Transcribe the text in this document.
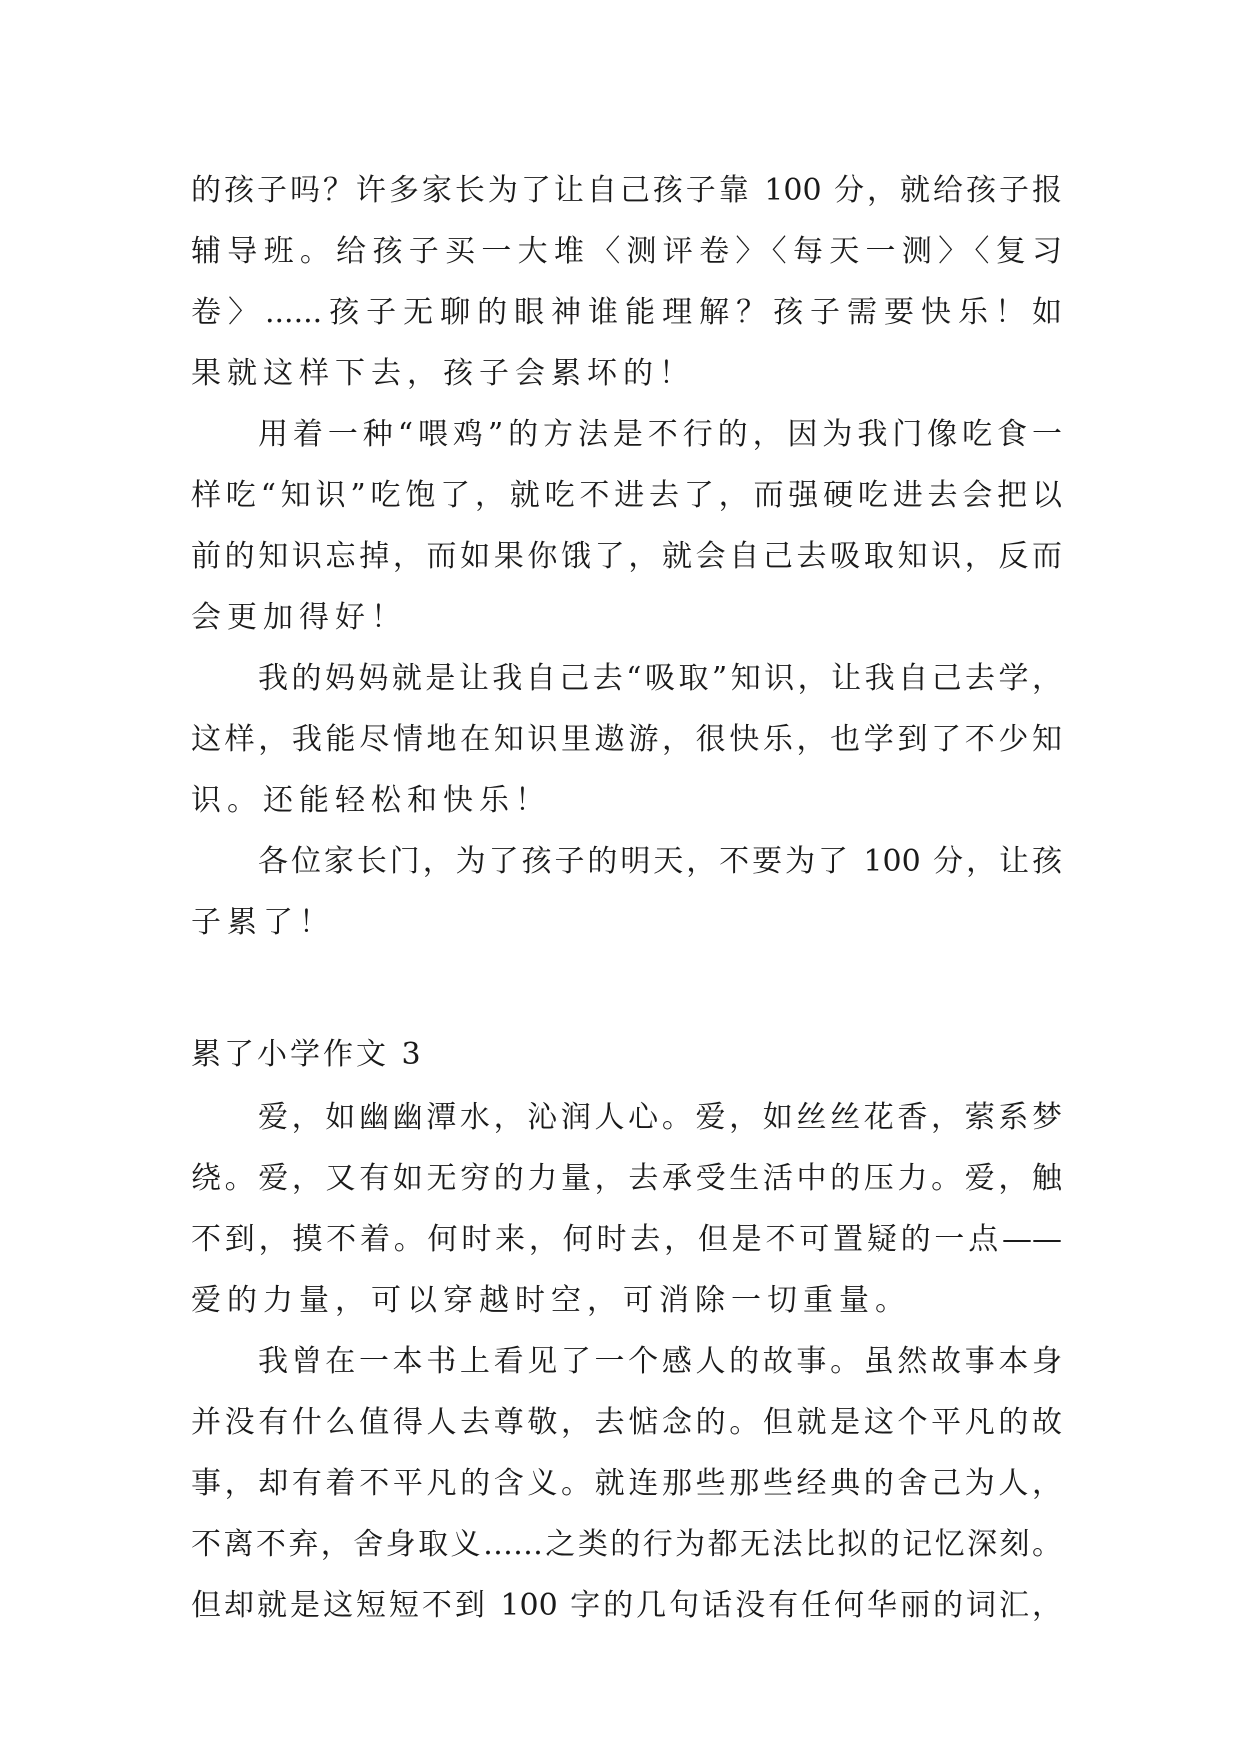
的孩子吗？许多家长为了让自己孩子靠 100 分，就给孩子报
辅导班。给孩子买一大堆〈测评卷〉〈每天一测〉〈复习
卷〉......孩子无聊的眼神谁能理解？孩子需要快乐！如
果就这样下去，孩子会累坏的！
用着一种“喂鸡”的方法是不行的，因为我门像吃食一
样吃“知识”吃饱了，就吃不进去了，而强硬吃进去会把以
前的知识忘掉，而如果你饿了，就会自己去吸取知识，反而
会更加得好！
我的妈妈就是让我自己去“吸取”知识，让我自己去学，
这样，我能尽情地在知识里遨游，很快乐，也学到了不少知
识。还能轻松和快乐！
各位家长门，为了孩子的明天，不要为了 100 分，让孩
子累了！
累了小学作文 3
爱，如幽幽潭水，沁润人心。爱，如丝丝花香，萦系梦
绕。爱，又有如无穷的力量，去承受生活中的压力。爱，触
不到，摸不着。何时来，何时去，但是不可置疑的一点——
爱的力量，可以穿越时空，可消除一切重量。
我曾在一本书上看见了一个感人的故事。虽然故事本身
并没有什么值得人去尊敬，去惦念的。但就是这个平凡的故
事，却有着不平凡的含义。就连那些那些经典的舍己为人，
不离不弃，舍身取义……之类的行为都无法比拟的记忆深刻。
但却就是这短短不到 100 字的几句话没有任何华丽的词汇，
